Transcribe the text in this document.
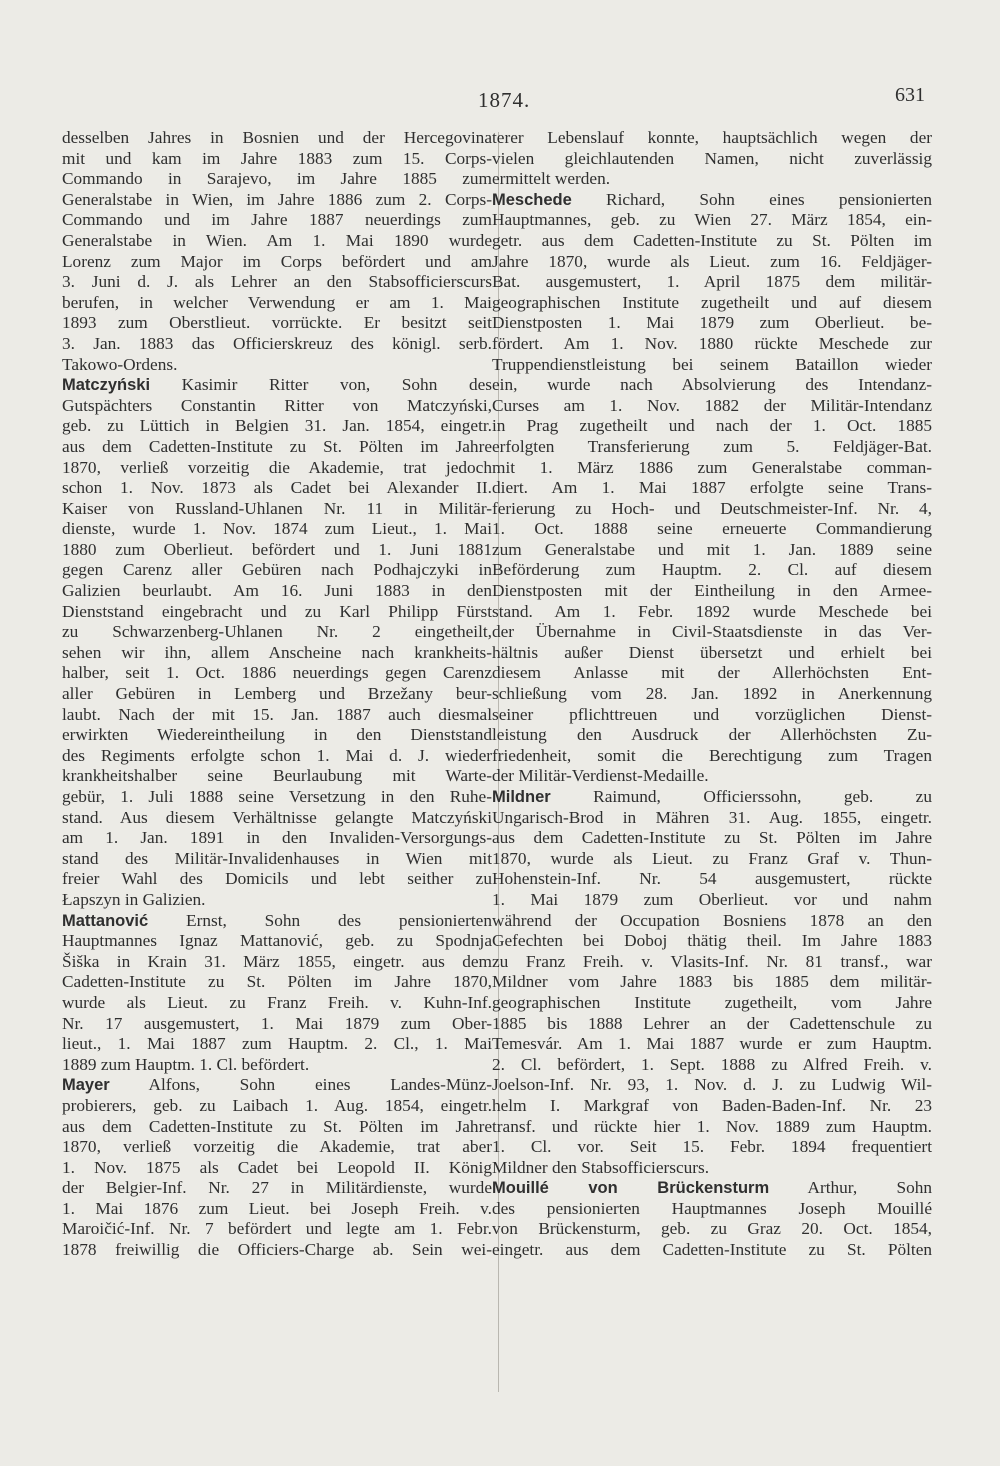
1874.	631
desselben Jahres in Bosnien und der Hercegovina
mit und kam im Jahre 1883 zum 15. Corps-
Commando in Sarajevo, im Jahre 1885 zum
Generalstabe in Wien, im Jahre 1886 zum 2. Corps-
Commando und im Jahre 1887 neuerdings zum
Generalstabe in Wien. Am 1. Mai 1890 wurde
Lorenz zum Major im Corps befördert und am
3. Juni d. J. als Lehrer an den Stabsofficierscurs
berufen, in welcher Verwendung er am 1. Mai
1893 zum Oberstlieut. vorrückte. Er besitzt seit
3. Jan. 1883 das Officierskreuz des königl. serb.
Takowo-Ordens.
Matczyński Kasimir Ritter von, Sohn des
Gutspächters Constantin Ritter von Matczyński,
geb. zu Lüttich in Belgien 31. Jan. 1854, eingetr.
aus dem Cadetten-Institute zu St. Pölten im Jahre
1870, verließ vorzeitig die Akademie, trat jedoch
schon 1. Nov. 1873 als Cadet bei Alexander II.
Kaiser von Russland-Uhlanen Nr. 11 in Militär-
dienste, wurde 1. Nov. 1874 zum Lieut., 1. Mai
1880 zum Oberlieut. befördert und 1. Juni 1881
gegen Carenz aller Gebüren nach Podhajczyki in
Galizien beurlaubt. Am 16. Juni 1883 in den
Dienststand eingebracht und zu Karl Philipp Fürst
zu Schwarzenberg-Uhlanen Nr. 2 eingetheilt,
sehen wir ihn, allem Anscheine nach krankheits-
halber, seit 1. Oct. 1886 neuerdings gegen Carenz
aller Gebüren in Lemberg und Brzežany beur-
laubt. Nach der mit 15. Jan. 1887 auch diesmal
erwirkten Wiedereintheilung in den Dienststand
des Regiments erfolgte schon 1. Mai d. J. wieder
krankheitshalber seine Beurlaubung mit Warte-
gebür, 1. Juli 1888 seine Versetzung in den Ruhe-
stand. Aus diesem Verhältnisse gelangte Matczyński
am 1. Jan. 1891 in den Invaliden-Versorgungs-
stand des Militär-Invalidenhauses in Wien mit
freier Wahl des Domicils und lebt seither zu
Łapszyn in Galizien.
Mattanović Ernst, Sohn des pensionierten
Hauptmannes Ignaz Mattanović, geb. zu Spodnja
Šiška in Krain 31. März 1855, eingetr. aus dem
Cadetten-Institute zu St. Pölten im Jahre 1870,
wurde als Lieut. zu Franz Freih. v. Kuhn-Inf.
Nr. 17 ausgemustert, 1. Mai 1879 zum Ober-
lieut., 1. Mai 1887 zum Hauptm. 2. Cl., 1. Mai
1889 zum Hauptm. 1. Cl. befördert.
Mayer Alfons, Sohn eines Landes-Münz-
probierers, geb. zu Laibach 1. Aug. 1854, eingetr.
aus dem Cadetten-Institute zu St. Pölten im Jahre
1870, verließ vorzeitig die Akademie, trat aber
1. Nov. 1875 als Cadet bei Leopold II. König
der Belgier-Inf. Nr. 27 in Militärdienste, wurde
1. Mai 1876 zum Lieut. bei Joseph Freih. v.
Maroičić-Inf. Nr. 7 befördert und legte am 1. Febr.
1878 freiwillig die Officiers-Charge ab. Sein wei-
terer Lebenslauf konnte, hauptsächlich wegen der
vielen gleichlautenden Namen, nicht zuverlässig
ermittelt werden.
Meschede Richard, Sohn eines pensionierten
Hauptmannes, geb. zu Wien 27. März 1854, ein-
getr. aus dem Cadetten-Institute zu St. Pölten im
Jahre 1870, wurde als Lieut. zum 16. Feldjäger-
Bat. ausgemustert, 1. April 1875 dem militär-
geographischen Institute zugetheilt und auf diesem
Dienstposten 1. Mai 1879 zum Oberlieut. be-
fördert. Am 1. Nov. 1880 rückte Meschede zur
Truppendienstleistung bei seinem Bataillon wieder
ein, wurde nach Absolvierung des Intendanz-
Curses am 1. Nov. 1882 der Militär-Intendanz
in Prag zugetheilt und nach der 1. Oct. 1885
erfolgten Transferierung zum 5. Feldjäger-Bat.
mit 1. März 1886 zum Generalstabe comman-
diert. Am 1. Mai 1887 erfolgte seine Trans-
ferierung zu Hoch- und Deutschmeister-Inf. Nr. 4,
1. Oct. 1888 seine erneuerte Commandierung
zum Generalstabe und mit 1. Jan. 1889 seine
Beförderung zum Hauptm. 2. Cl. auf diesem
Dienstposten mit der Eintheilung in den Armee-
stand. Am 1. Febr. 1892 wurde Meschede bei
der Übernahme in Civil-Staatsdienste in das Ver-
hältnis außer Dienst übersetzt und erhielt bei
diesem Anlasse mit der Allerhöchsten Ent-
schließung vom 28. Jan. 1892 in Anerkennung
seiner pflichttreuen und vorzüglichen Dienst-
leistung den Ausdruck der Allerhöchsten Zu-
friedenheit, somit die Berechtigung zum Tragen
der Militär-Verdienst-Medaille.
Mildner Raimund, Officierssohn, geb. zu
Ungarisch-Brod in Mähren 31. Aug. 1855, eingetr.
aus dem Cadetten-Institute zu St. Pölten im Jahre
1870, wurde als Lieut. zu Franz Graf v. Thun-
Hohenstein-Inf. Nr. 54 ausgemustert, rückte
1. Mai 1879 zum Oberlieut. vor und nahm
während der Occupation Bosniens 1878 an den
Gefechten bei Doboj thätig theil. Im Jahre 1883
zu Franz Freih. v. Vlasits-Inf. Nr. 81 transf., war
Mildner vom Jahre 1883 bis 1885 dem militär-
geographischen Institute zugetheilt, vom Jahre
1885 bis 1888 Lehrer an der Cadettenschule zu
Temesvár. Am 1. Mai 1887 wurde er zum Hauptm.
2. Cl. befördert, 1. Sept. 1888 zu Alfred Freih. v.
Joelson-Inf. Nr. 93, 1. Nov. d. J. zu Ludwig Wil-
helm I. Markgraf von Baden-Baden-Inf. Nr. 23
transf. und rückte hier 1. Nov. 1889 zum Hauptm.
1. Cl. vor. Seit 15. Febr. 1894 frequentiert
Mildner den Stabsofficierscurs.
Mouillé von Brückensturm Arthur, Sohn
des pensionierten Hauptmannes Joseph Mouillé
von Brückensturm, geb. zu Graz 20. Oct. 1854,
eingetr. aus dem Cadetten-Institute zu St. Pölten
